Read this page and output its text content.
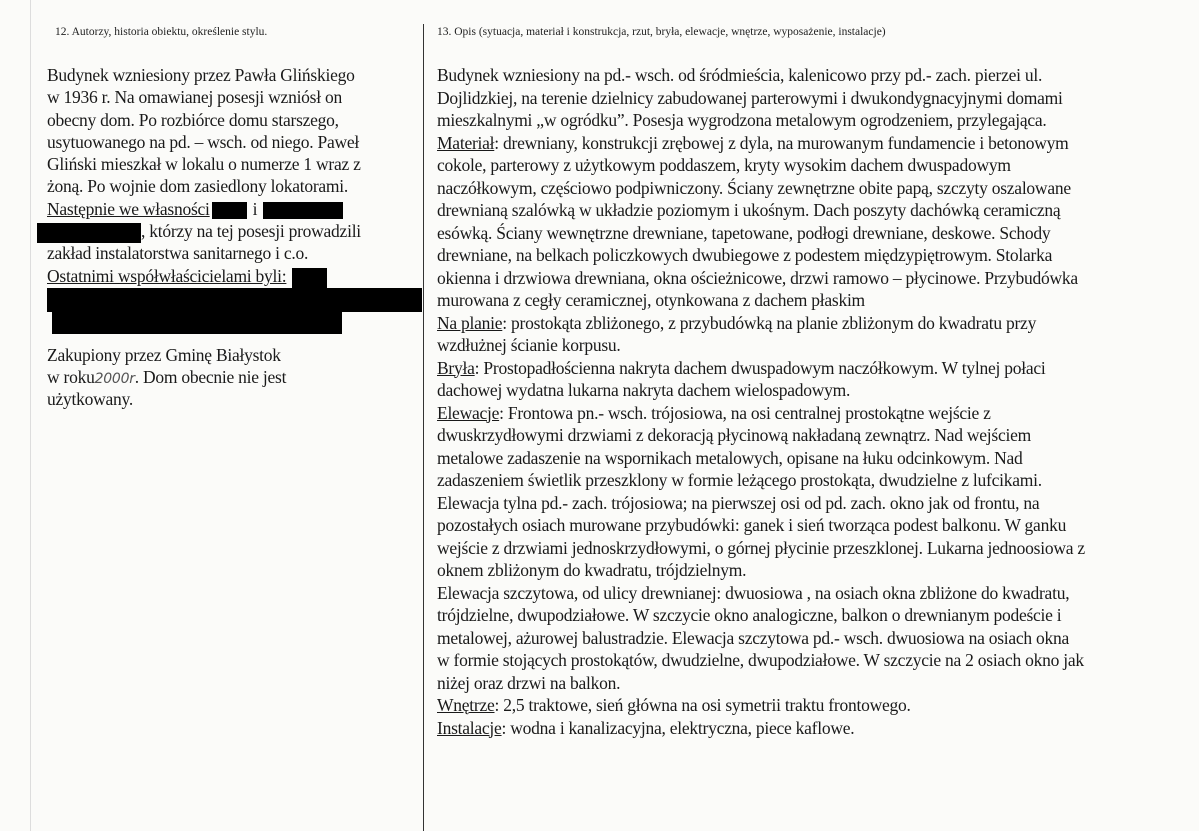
12. Autorzy, historia obiektu, określenie stylu.	13. Opis (sytuacja, materiał i konstrukcja, rzut, bryła, elewacje, wnętrze, wyposażenie, instalacje)
Budynek wzniesiony przez Pawła Glińskiego
w 1936 r. Na omawianej posesji wzniósł on
obecny dom. Po rozbiórce domu starszego,
usytuowanego na pd. – wsch. od niego. Paweł
Gliński mieszkał w lokalu o numerze 1 wraz z
żoną. Po wojnie dom zasiedlony lokatorami.
Następnie we własności i
, którzy na tej posesji prowadzili
zakład instalatorstwa sanitarnego i c.o.
Ostatnimi współwłaścicielami byli:
Zakupiony przez Gminę Białystok
w roku2000r. Dom obecnie nie jest
użytkowany.
Budynek wzniesiony na pd.- wsch. od śródmieścia, kalenicowo przy pd.- zach. pierzei ul.
Dojlidzkiej, na terenie dzielnicy zabudowanej parterowymi i dwukondygnacyjnymi domami
mieszkalnymi „w ogródku”. Posesja wygrodzona metalowym ogrodzeniem, przylegająca.
Materiał: drewniany, konstrukcji zrębowej z dyla, na murowanym fundamencie i betonowym
cokole, parterowy z użytkowym poddaszem, kryty wysokim dachem dwuspadowym
naczółkowym, częściowo podpiwniczony. Ściany zewnętrzne obite papą, szczyty oszalowane
drewnianą szalówką w układzie poziomym i ukośnym. Dach poszyty dachówką ceramiczną
esówką. Ściany wewnętrzne drewniane, tapetowane, podłogi drewniane, deskowe. Schody
drewniane, na belkach policzkowych dwubiegowe z podestem międzypiętrowym. Stolarka
okienna i drzwiowa drewniana, okna ościeżnicowe, drzwi ramowo – płycinowe. Przybudówka
murowana z cegły ceramicznej, otynkowana z dachem płaskim
Na planie: prostokąta zbliżonego, z przybudówką na planie zbliżonym do kwadratu przy
wzdłużnej ścianie korpusu.
Bryła: Prostopadłościenna nakryta dachem dwuspadowym naczółkowym. W tylnej połaci
dachowej wydatna lukarna nakryta dachem wielospadowym.
Elewacje: Frontowa pn.- wsch. trójosiowa, na osi centralnej prostokątne wejście z
dwuskrzydłowymi drzwiami z dekoracją płycinową nakładaną zewnątrz. Nad wejściem
metalowe zadaszenie na wspornikach metalowych, opisane na łuku odcinkowym. Nad
zadaszeniem świetlik przeszklony w formie leżącego prostokąta, dwudzielne z lufcikami.
Elewacja tylna pd.- zach. trójosiowa; na pierwszej osi od pd. zach. okno jak od frontu, na
pozostałych osiach murowane przybudówki: ganek i sień tworząca podest balkonu. W ganku
wejście z drzwiami jednoskrzydłowymi, o górnej płycinie przeszklonej. Lukarna jednoosiowa z
oknem zbliżonym do kwadratu, trójdzielnym.
Elewacja szczytowa, od ulicy drewnianej: dwuosiowa , na osiach okna zbliżone do kwadratu,
trójdzielne, dwupodziałowe. W szczycie okno analogiczne, balkon o drewnianym podeście i
metalowej, ażurowej balustradzie. Elewacja szczytowa pd.- wsch. dwuosiowa na osiach okna
w formie stojących prostokątów, dwudzielne, dwupodziałowe. W szczycie na 2 osiach okno jak
niżej oraz drzwi na balkon.
Wnętrze: 2,5 traktowe, sień główna na osi symetrii traktu frontowego.
Instalacje: wodna i kanalizacyjna, elektryczna, piece kaflowe.
